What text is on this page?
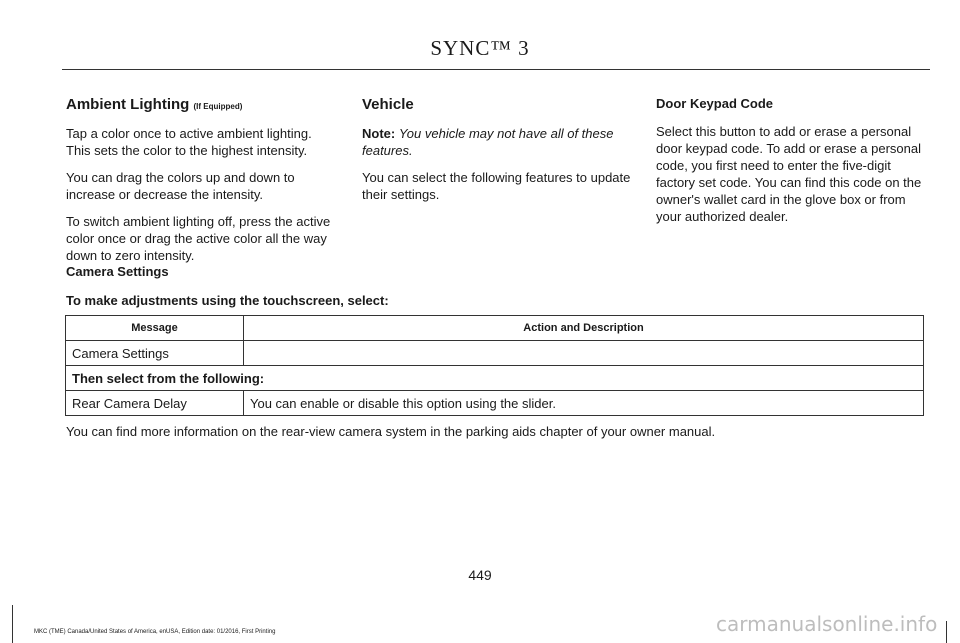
SYNC™ 3
Ambient Lighting (If Equipped)

Tap a color once to active ambient lighting. This sets the color to the highest intensity.

You can drag the colors up and down to increase or decrease the intensity.

To switch ambient lighting off, press the active color once or drag the active color all the way down to zero intensity.

Vehicle

Note: You vehicle may not have all of these features.

You can select the following features to update their settings.

Door Keypad Code

Select this button to add or erase a personal door keypad code. To add or erase a personal code, you first need to enter the five-digit factory set code. You can find this code on the owner's wallet card in the glove box or from your authorized dealer.

Camera Settings
To make adjustments using the touchscreen, select:
Message	Action and Description
Camera Settings	
Then select from the following:	
Rear Camera Delay	You can enable or disable this option using the slider.

You can find more information on the rear-view camera system in the parking aids chapter of your owner manual.

449
MKC (TME) Canada/United States of America, enUSA, Edition date: 01/2016, First Printing	carmanualsonline.info
